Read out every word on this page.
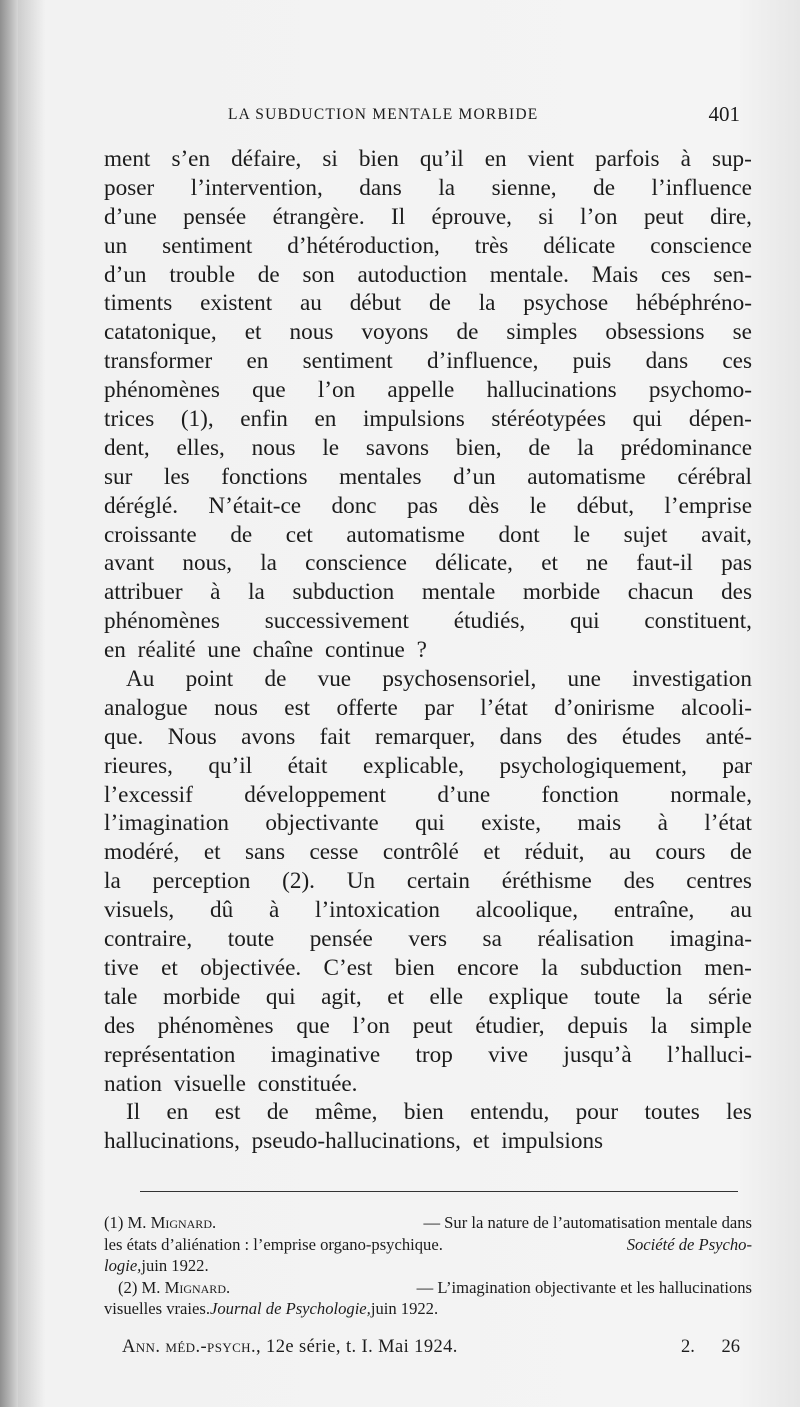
LA SUBDUCTION MENTALE MORBIDE	401
ment s’en défaire, si bien qu’il en vient parfois à sup-
poser l’intervention, dans la sienne, de l’influence
d’une pensée étrangère. Il éprouve, si l’on peut dire,
un sentiment d’hétéroduction, très délicate conscience
d’un trouble de son autoduction mentale. Mais ces sen-
timents existent au début de la psychose hébéphréno-
catatonique, et nous voyons de simples obsessions se
transformer en sentiment d’influence, puis dans ces
phénomènes que l’on appelle hallucinations psychomo-
trices (1), enfin en impulsions stéréotypées qui dépen-
dent, elles, nous le savons bien, de la prédominance
sur les fonctions mentales d’un automatisme cérébral
déréglé. N’était-ce donc pas dès le début, l’emprise
croissante de cet automatisme dont le sujet avait,
avant nous, la conscience délicate, et ne faut-il pas
attribuer à la subduction mentale morbide chacun des
phénomènes successivement étudiés, qui constituent,
en réalité une chaîne continue ?
Au point de vue psychosensoriel, une investigation
analogue nous est offerte par l’état d’onirisme alcooli-
que. Nous avons fait remarquer, dans des études anté-
rieures, qu’il était explicable, psychologiquement, par
l’excessif développement d’une fonction normale,
l’imagination objectivante qui existe, mais à l’état
modéré, et sans cesse contrôlé et réduit, au cours de
la perception (2). Un certain éréthisme des centres
visuels, dû à l’intoxication alcoolique, entraîne, au
contraire, toute pensée vers sa réalisation imagina-
tive et objectivée. C’est bien encore la subduction men-
tale morbide qui agit, et elle explique toute la série
des phénomènes que l’on peut étudier, depuis la simple
représentation imaginative trop vive jusqu’à l’halluci-
nation visuelle constituée.
Il en est de même, bien entendu, pour toutes les
hallucinations, pseudo-hallucinations, et impulsions
(1) M. Mignard.	— Sur la nature de l’automatisation mentale dans
les états d’aliénation : l’emprise organo-psychique.	Société de Psycho-
logie, juin 1922.
(2) M. Mignard.	— L’imagination objectivante et les hallucinations
visuelles vraies. Journal de Psychologie, juin 1922.
Ann. méd.-psych., 12e série, t. I. Mai 1924.	2. 26
